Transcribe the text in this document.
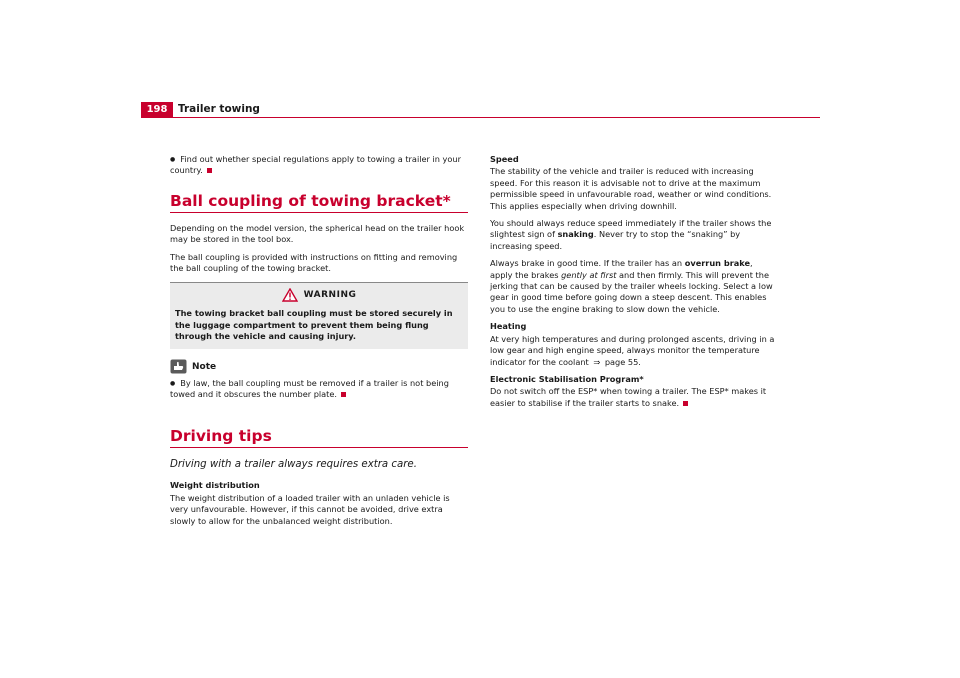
198	Trailer towing

● Find out whether special regulations apply to towing a trailer in your country.

Ball coupling of towing bracket*

Depending on the model version, the spherical head on the trailer hook may be stored in the tool box.

The ball coupling is provided with instructions on fitting and removing the ball coupling of the towing bracket.

WARNING
The towing bracket ball coupling must be stored securely in the luggage compartment to prevent them being flung through the vehicle and causing injury.
Note

● By law, the ball coupling must be removed if a trailer is not being towed and it obscures the number plate.

Driving tips

Driving with a trailer always requires extra care.

Weight distribution

The weight distribution of a loaded trailer with an unladen vehicle is very unfavourable. However, if this cannot be avoided, drive extra slowly to allow for the unbalanced weight distribution.

Speed

The stability of the vehicle and trailer is reduced with increasing speed. For this reason it is advisable not to drive at the maximum permissible speed in unfavourable road, weather or wind conditions. This applies especially when driving downhill.

You should always reduce speed immediately if the trailer shows the slightest sign of snaking. Never try to stop the “snaking” by increasing speed.

Always brake in good time. If the trailer has an overrun brake, apply the brakes gently at first and then firmly. This will prevent the jerking that can be caused by the trailer wheels locking. Select a low gear in good time before going down a steep descent. This enables you to use the engine braking to slow down the vehicle.

Heating

At very high temperatures and during prolonged ascents, driving in a low gear and high engine speed, always monitor the temperature indicator for the coolant ⇒ page 55.

Electronic Stabilisation Program*

Do not switch off the ESP* when towing a trailer. The ESP* makes it easier to stabilise if the trailer starts to snake.
